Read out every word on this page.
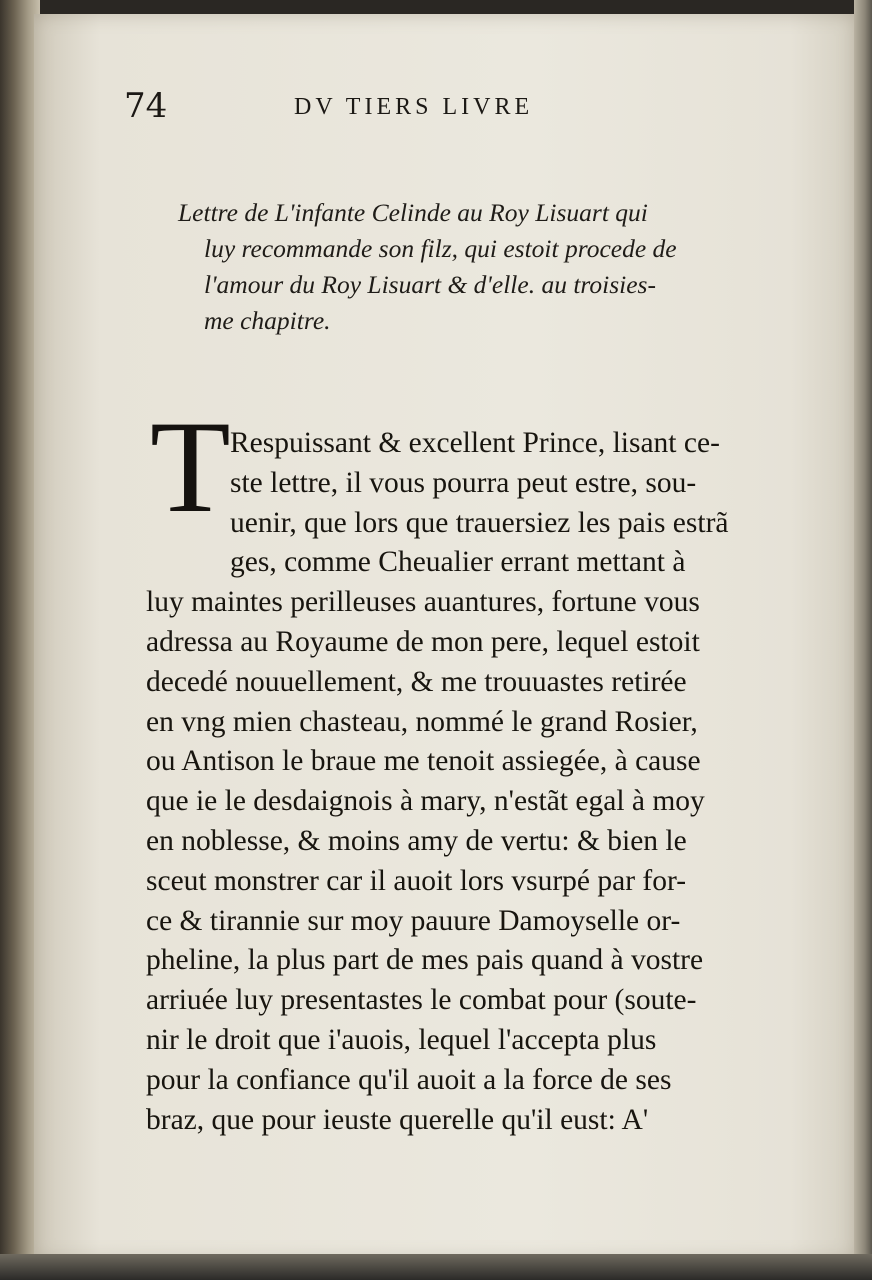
74	DV TIERS LIVRE
Lettre de L'infante Celinde au Roy Lisuart qui
luy recommande son filz, qui estoit procede de
l'amour du Roy Lisuart & d'elle. au troisies-
me chapitre.
T Respuissant & excellent Prince, lisant ce-
ste lettre, il vous pourra peut estre, sou-
uenir, que lors que trauersiez les pais estrã
ges, comme Cheualier errant mettant à
luy maintes perilleuses auantures, fortune vous
adressa au Royaume de mon pere, lequel estoit
decedé nouuellement, & me trouuastes retirée
en vng mien chasteau, nommé le grand Rosier,
ou Antison le braue me tenoit assiegée, à cause
que ie le desdaignois à mary, n'estãt egal à moy
en noblesse, & moins amy de vertu: & bien le
sceut monstrer car il auoit lors vsurpé par for-
ce & tirannie sur moy pauure Damoyselle or-
pheline, la plus part de mes pais quand à vostre
arriuée luy presentastes le combat pour (soute-
nir le droit que i'auois, lequel l'accepta plus
pour la confiance qu'il auoit a la force de ses
braz, que pour ieuste querelle qu'il eust: A'
